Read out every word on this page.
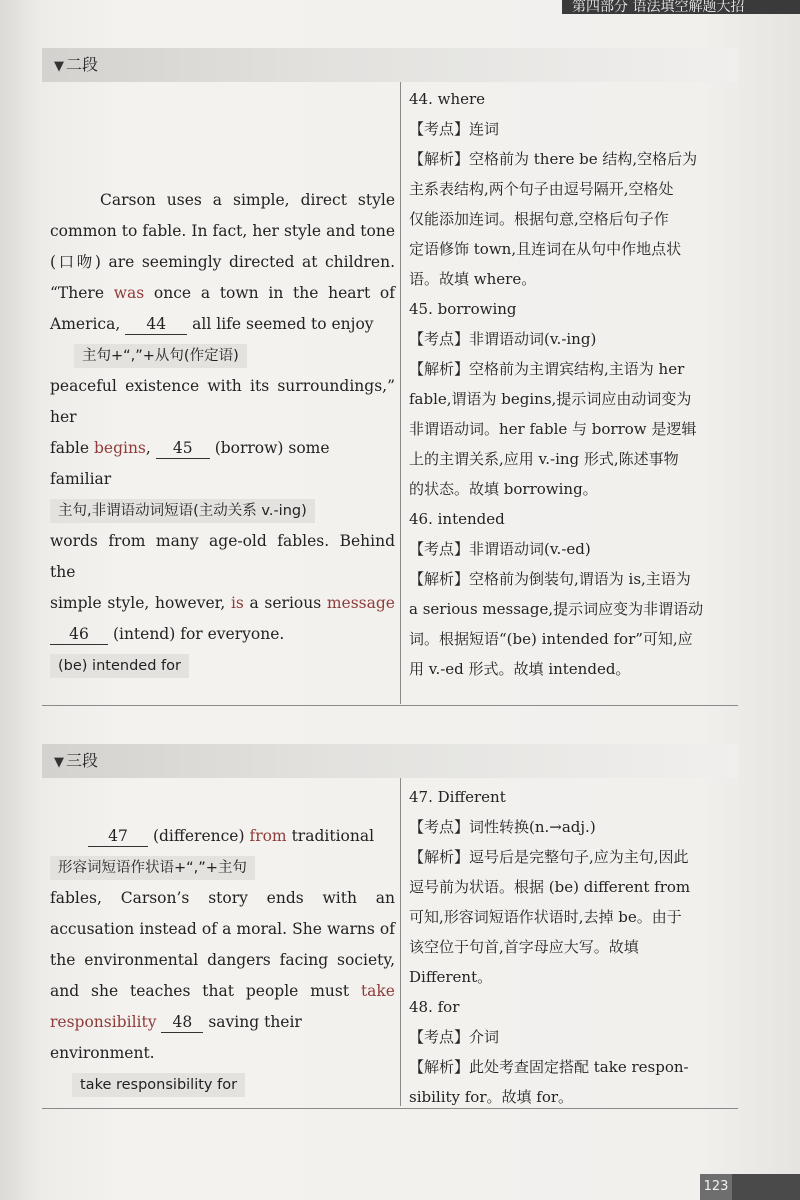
第四部分 语法填空解题大招
▼ 二段
Carson uses a simple, direct style
common to fable. In fact, her style and tone
(口吻) are seemingly directed at children.
“There was once a town in the heart of
America, 44 all life seemed to enjoy
主句+“,”+从句(作定语)
peaceful existence with its surroundings,” her
fable begins, 45 (borrow) some familiar
主句,非谓语动词短语(主动关系 v.-ing)
words from many age-old fables. Behind the
simple style, however, is a serious message
46 (intend) for everyone.
(be) intended for
44. where
【考点】连词
【解析】空格前为 there be 结构,空格后为
主系表结构,两个句子由逗号隔开,空格处
仅能添加连词。根据句意,空格后句子作
定语修饰 town,且连词在从句中作地点状
语。故填 where。
45. borrowing
【考点】非谓语动词(v.-ing)
【解析】空格前为主谓宾结构,主语为 her
fable,谓语为 begins,提示词应由动词变为
非谓语动词。her fable 与 borrow 是逻辑
上的主谓关系,应用 v.-ing 形式,陈述事物
的状态。故填 borrowing。
46. intended
【考点】非谓语动词(v.-ed)
【解析】空格前为倒装句,谓语为 is,主语为
a serious message,提示词应变为非谓语动
词。根据短语“(be) intended for”可知,应
用 v.-ed 形式。故填 intended。
▼ 三段
47 (difference) from traditional
形容词短语作状语+“,”+主句
fables, Carson’s story ends with an
accusation instead of a moral. She warns of
the environmental dangers facing society,
and she teaches that people must take
responsibility 48 saving their environment.
take responsibility for
47. Different
【考点】词性转换(n.→adj.)
【解析】逗号后是完整句子,应为主句,因此
逗号前为状语。根据 (be) different from
可知,形容词短语作状语时,去掉 be。由于
该空位于句首,首字母应大写。故填
Different。
48. for
【考点】介词
【解析】此处考查固定搭配 take respon-
sibility for。故填 for。
123
